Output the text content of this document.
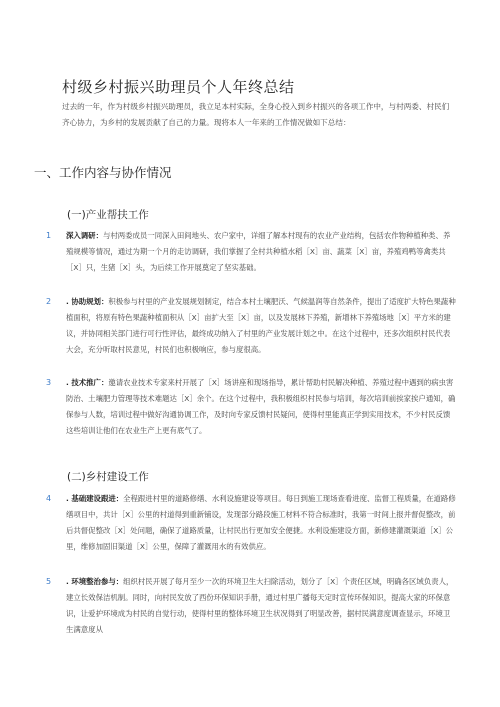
村级乡村振兴助理员个人年终总结
过去的一年，作为村级乡村振兴助理员，我立足本村实际，全身心投入到乡村振兴的各项工作中，与村两委、村民们齐心协力，为乡村的发展贡献了自己的力量。现将本人一年来的工作情况做如下总结：
一、工作内容与协作情况
(一)产业帮扶工作
1	深入调研：与村两委成员一同深入田间地头、农户家中，详细了解本村现有的农业产业结构，包括农作物种植种类、养殖规模等情况，通过为期一个月的走访调研，我们掌握了全村共种植水稻［X］亩、蔬菜［X］亩，养殖鸡鸭等禽类共［X］只，生猪［X］头，为后续工作开展奠定了坚实基础。
2	. 协助规划：积极参与村里的产业发展规划制定，结合本村土壤肥沃、气候温润等自然条件，提出了适度扩大特色果蔬种植面积，将原有特色果蔬种植面积从［X］亩扩大至［X］亩，以及发展林下养殖，新增林下养殖场地［X］平方米的建议，并协同相关部门进行可行性评估，最终成功纳入了村里的产业发展计划之中。在这个过程中，还多次组织村民代表大会，充分听取村民意见，村民们也积极响应，参与度很高。
3	. 技术推广：邀请农业技术专家来村开展了［X］场讲座和现场指导，累计帮助村民解决种植、养殖过程中遇到的病虫害防治、土壤肥力管理等技术难题达［X］余个。在这个过程中，我积极组织村民参与培训，每次培训前挨家挨户通知，确保参与人数，培训过程中做好沟通协调工作，及时向专家反馈村民疑问，使得村里能真正学到实用技术，不少村民反馈这些培训让他们在农业生产上更有底气了。
(二)乡村建设工作
4	. 基础建设跟进：全程跟进村里的道路修缮、水利设施建设等项目。每日到施工现场查看进度、监督工程质量，在道路修缮项目中，共计［X］公里的村道得到重新铺设，发现部分路段施工材料不符合标准时，我第一时间上报并督促整改，前后共督促整改［X］处问题，确保了道路质量，让村民出行更加安全便捷。水利设施建设方面，新修建灌溉渠道［X］公里，维修加固旧渠道［X］公里，保障了灌溉用水的有效供应。
5	. 环境整治参与：组织村民开展了每月至少一次的环境卫生大扫除活动，划分了［X］个责任区域，明确各区域负责人，建立长效保洁机制。同时，向村民发放了西份环保知识手册，通过村里广播每天定时宣传环保知识，提高大家的环保意识，让爱护环境成为村民的自觉行动，使得村里的整体环境卫生状况得到了明显改善，据村民满意度调查显示，环境卫生满意度从
